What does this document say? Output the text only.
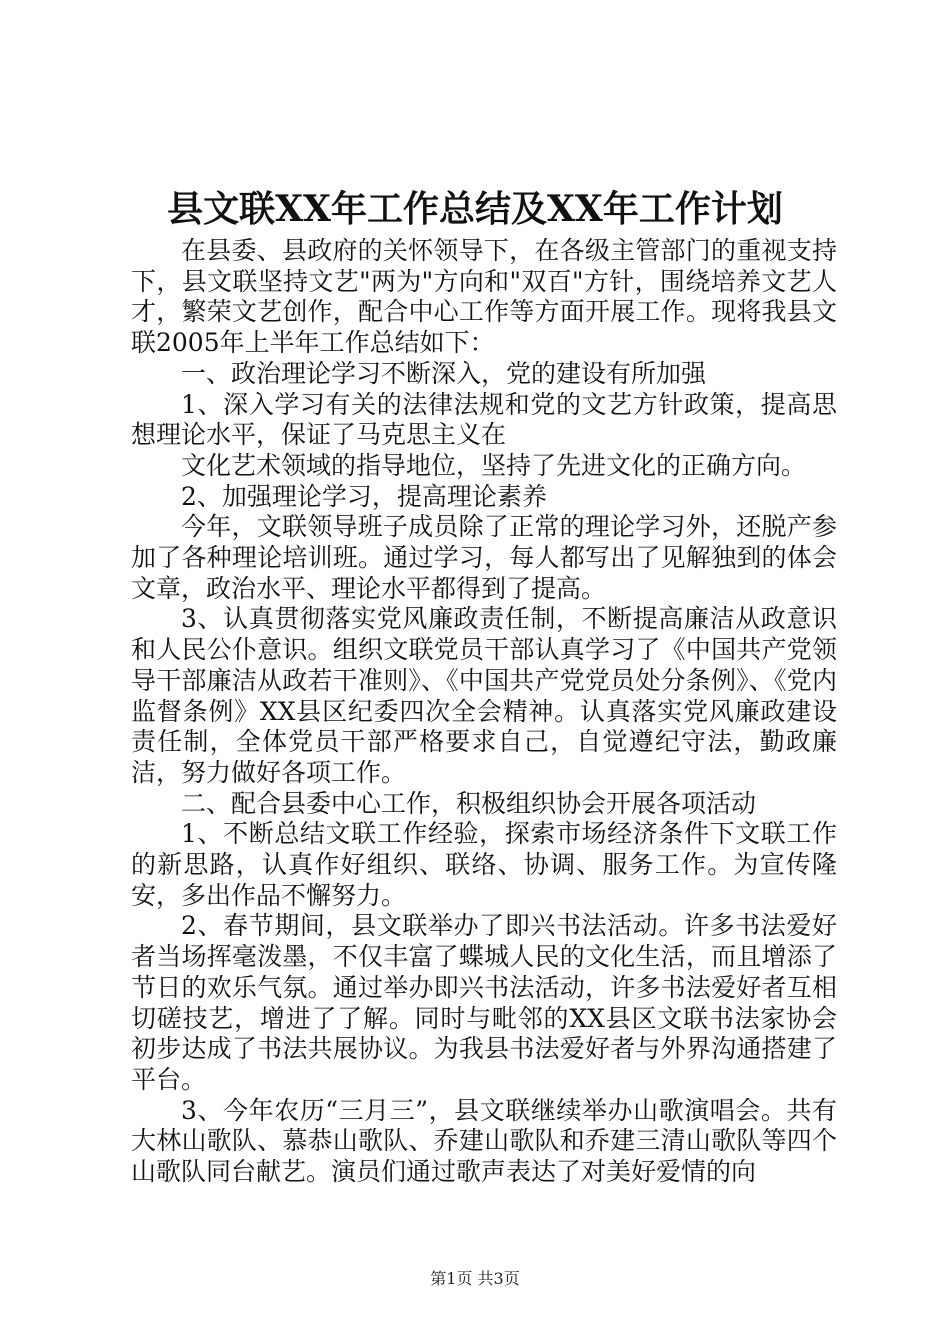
县文联XX年工作总结及XX年工作计划

在县委、县政府的关怀领导下，在各级主管部门的重视支持下，县文联坚持文艺"两为"方向和"双百"方针，围绕培养文艺人才，繁荣文艺创作，配合中心工作等方面开展工作。现将我县文联2005年上半年工作总结如下：

一、政治理论学习不断深入，党的建设有所加强

1、深入学习有关的法律法规和党的文艺方针政策，提高思想理论水平，保证了马克思主义在

文化艺术领域的指导地位，坚持了先进文化的正确方向。

2、加强理论学习，提高理论素养

今年，文联领导班子成员除了正常的理论学习外，还脱产参加了各种理论培训班。通过学习，每人都写出了见解独到的体会文章，政治水平、理论水平都得到了提高。

3、认真贯彻落实党风廉政责任制，不断提高廉洁从政意识和人民公仆意识。组织文联党员干部认真学习了《中国共产党领导干部廉洁从政若干准则》、《中国共产党党员处分条例》、《党内监督条例》XX县区纪委四次全会精神。认真落实党风廉政建设责任制，全体党员干部严格要求自己，自觉遵纪守法，勤政廉洁，努力做好各项工作。

二、配合县委中心工作，积极组织协会开展各项活动

1、不断总结文联工作经验，探索市场经济条件下文联工作的新思路，认真作好组织、联络、协调、服务工作。为宣传隆安，多出作品不懈努力。

2、春节期间，县文联举办了即兴书法活动。许多书法爱好者当场挥毫泼墨，不仅丰富了蝶城人民的文化生活，而且增添了节日的欢乐气氛。通过举办即兴书法活动，许多书法爱好者互相切磋技艺，增进了了解。同时与毗邻的XX县区文联书法家协会初步达成了书法共展协议。为我县书法爱好者与外界沟通搭建了平台。

3、今年农历“三月三”，县文联继续举办山歌演唱会。共有大林山歌队、慕恭山歌队、乔建山歌队和乔建三清山歌队等四个山歌队同台献艺。演员们通过歌声表达了对美好爱情的向

第1页 共3页
